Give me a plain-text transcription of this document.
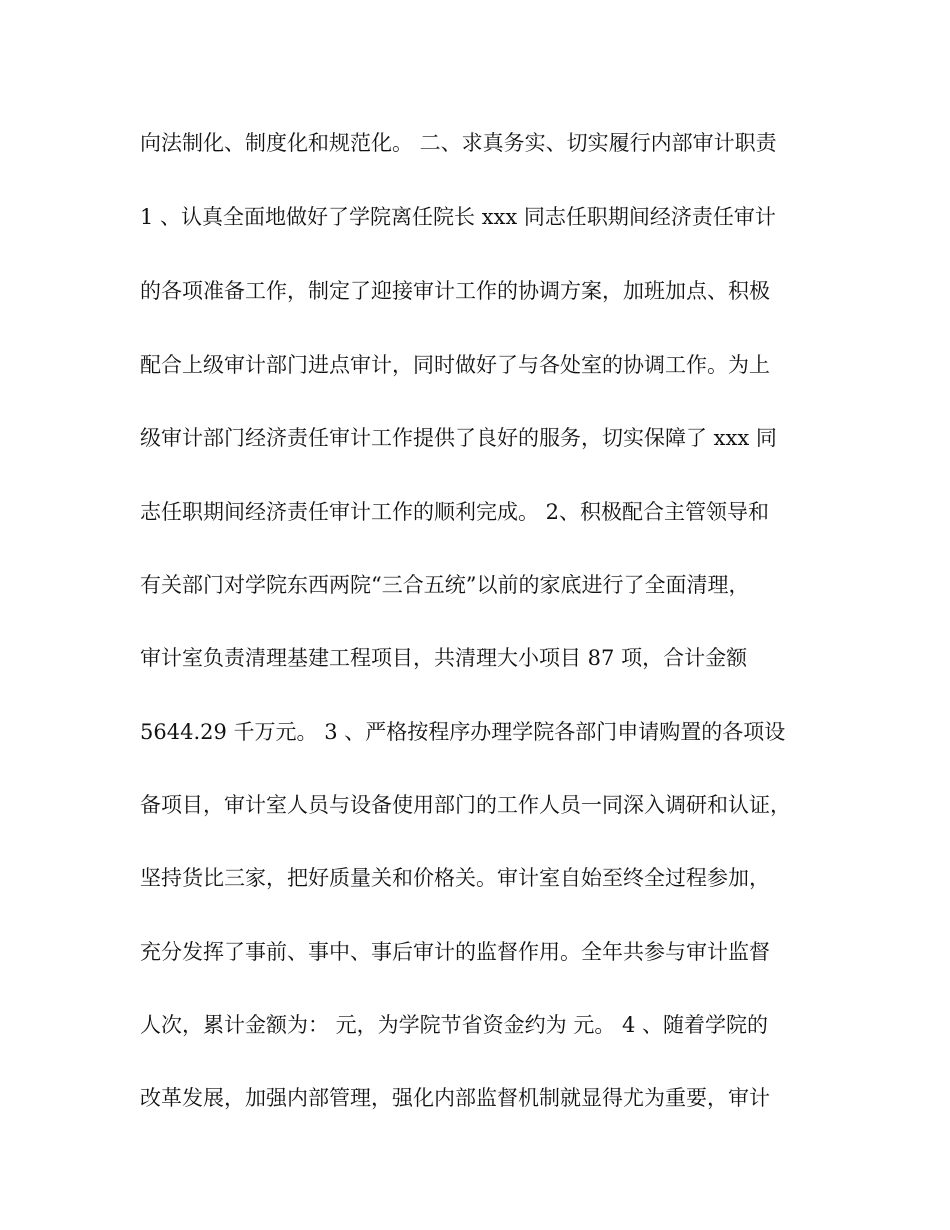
向法制化、制度化和规范化。 二、求真务实、切实履行内部审计职责
1 、认真全面地做好了学院离任院长 xxx 同志任职期间经济责任审计
的各项准备工作，制定了迎接审计工作的协调方案，加班加点、积极
配合上级审计部门进点审计，同时做好了与各处室的协调工作。为上
级审计部门经济责任审计工作提供了良好的服务，切实保障了 xxx 同
志任职期间经济责任审计工作的顺利完成。 2、积极配合主管领导和
有关部门对学院东西两院“三合五统”以前的家底进行了全面清理，
审计室负责清理基建工程项目，共清理大小项目 87 项，合计金额
5644.29 千万元。 3 、严格按程序办理学院各部门申请购置的各项设
备项目，审计室人员与设备使用部门的工作人员一同深入调研和认证，
坚持货比三家，把好质量关和价格关。审计室自始至终全过程参加，
充分发挥了事前、事中、事后审计的监督作用。全年共参与审计监督
人次，累计金额为： 元，为学院节省资金约为 元。 4 、随着学院的
改革发展，加强内部管理，强化内部监督机制就显得尤为重要，审计
